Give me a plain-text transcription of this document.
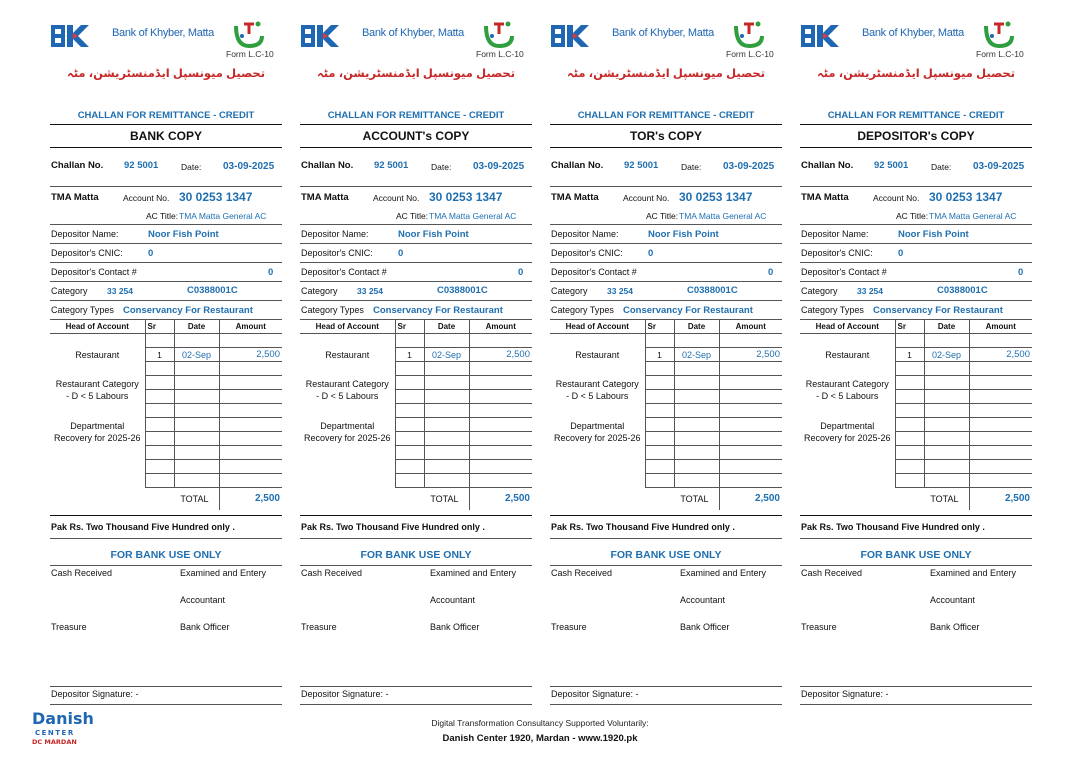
Bank of Khyber, Matta
Form L.C-10
تحصیل میونسپل ایڈمنسٹریشن، مٹہ
CHALLAN FOR REMITTANCE - CREDIT
BANK COPY
Challan No. 92 5001	Date: 03-09-2025
TMA Matta	Account No. 30 0253 1347
AC Title: TMA Matta General AC
Depositor Name:	Noor Fish Point
Depositor's CNIC:	0
Depositor's Contact #	0
Category 33 254	C0388001C
Category Types Conservancy For Restaurant
Head of Account	Sr	Date	Amount

Restaurant	1	02-Sep	2,500

Restaurant Category
- D < 5 Labours			

Departmental
Recovery for 2025-26			

	TOTAL		2,500
Pak Rs. Two Thousand Five Hundred only .
FOR BANK USE ONLY
Cash Received	Examined and Entery
Accountant
Treasure	Bank Officer
Depositor Signature: -
Bank of Khyber, Matta
Form L.C-10
تحصیل میونسپل ایڈمنسٹریشن، مٹہ
CHALLAN FOR REMITTANCE - CREDIT
ACCOUNT's COPY
Challan No. 92 5001	Date: 03-09-2025
TMA Matta	Account No. 30 0253 1347
AC Title: TMA Matta General AC
Depositor Name:	Noor Fish Point
Depositor's CNIC:	0
Depositor's Contact #	0
Category 33 254	C0388001C
Category Types Conservancy For Restaurant
Head of Account	Sr	Date	Amount

Restaurant	1	02-Sep	2,500

Restaurant Category
- D < 5 Labours			

Departmental
Recovery for 2025-26			

	TOTAL		2,500
Pak Rs. Two Thousand Five Hundred only .
FOR BANK USE ONLY
Cash Received	Examined and Entery
Accountant
Treasure	Bank Officer
Depositor Signature: -
Bank of Khyber, Matta
Form L.C-10
تحصیل میونسپل ایڈمنسٹریشن، مٹہ
CHALLAN FOR REMITTANCE - CREDIT
TOR's COPY
Challan No. 92 5001	Date: 03-09-2025
TMA Matta	Account No. 30 0253 1347
AC Title: TMA Matta General AC
Depositor Name:	Noor Fish Point
Depositor's CNIC:	0
Depositor's Contact #	0
Category 33 254	C0388001C
Category Types Conservancy For Restaurant
Head of Account	Sr	Date	Amount

Restaurant	1	02-Sep	2,500

Restaurant Category
- D < 5 Labours			

Departmental
Recovery for 2025-26			

	TOTAL		2,500
Pak Rs. Two Thousand Five Hundred only .
FOR BANK USE ONLY
Cash Received	Examined and Entery
Accountant
Treasure	Bank Officer
Depositor Signature: -
Bank of Khyber, Matta
Form L.C-10
تحصیل میونسپل ایڈمنسٹریشن، مٹہ
CHALLAN FOR REMITTANCE - CREDIT
DEPOSITOR's COPY
Challan No. 92 5001	Date: 03-09-2025
TMA Matta	Account No. 30 0253 1347
AC Title: TMA Matta General AC
Depositor Name:	Noor Fish Point
Depositor's CNIC:	0
Depositor's Contact #	0
Category 33 254	C0388001C
Category Types Conservancy For Restaurant
Head of Account	Sr	Date	Amount

Restaurant	1	02-Sep	2,500

Restaurant Category
- D < 5 Labours			

Departmental
Recovery for 2025-26			

	TOTAL		2,500
Pak Rs. Two Thousand Five Hundred only .
FOR BANK USE ONLY
Cash Received	Examined and Entery
Accountant
Treasure	Bank Officer
Depositor Signature: -
Danish
CENTER
DC MARDAN
Digital Transformation Consultancy Supported Voluntarily:
Danish Center 1920, Mardan - www.1920.pk
